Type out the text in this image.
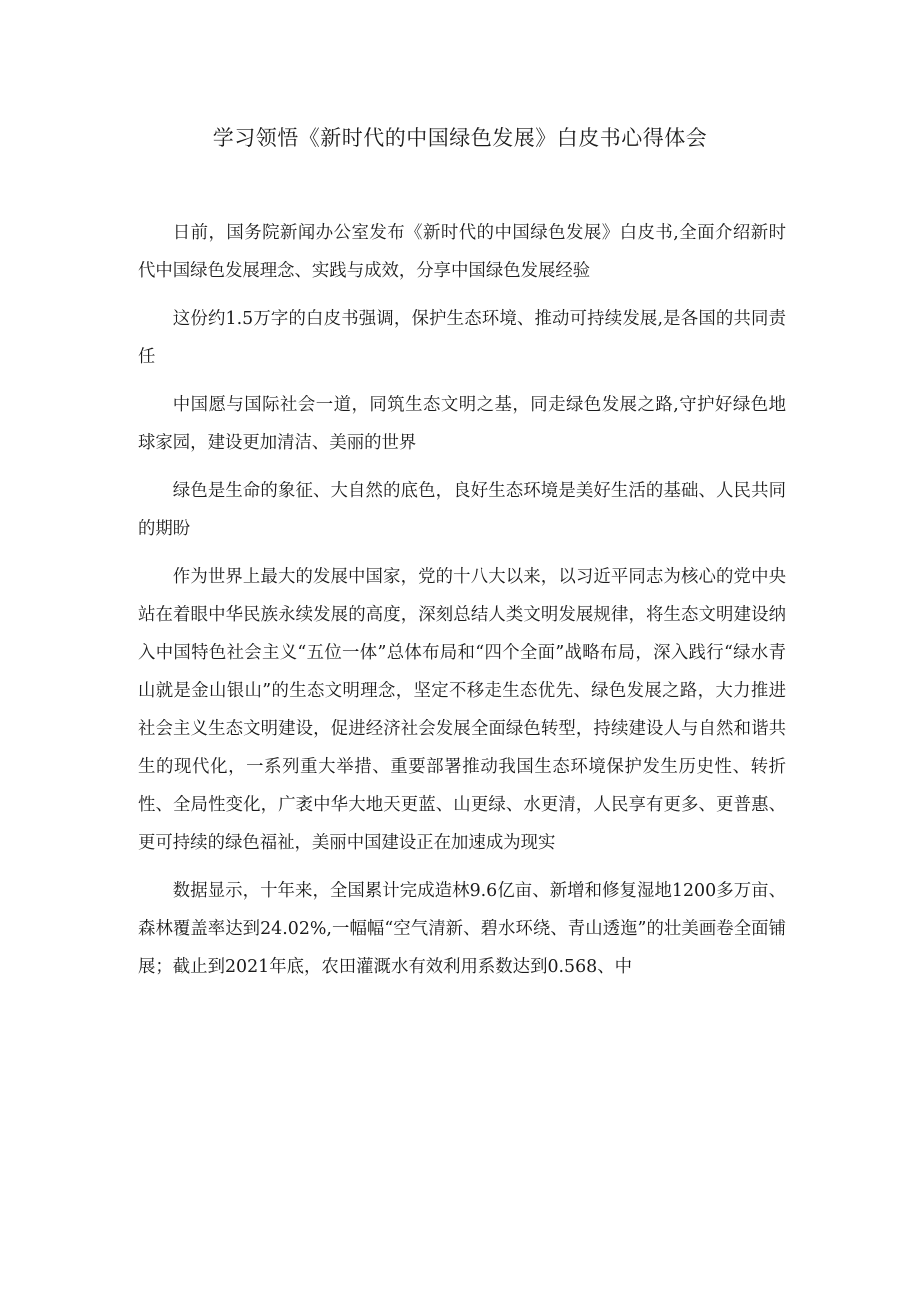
学习领悟《新时代的中国绿色发展》白皮书心得体会

日前，国务院新闻办公室发布《新时代的中国绿色发展》白皮书,全面介绍新时代中国绿色发展理念、实践与成效，分享中国绿色发展经验

这份约1.5万字的白皮书强调，保护生态环境、推动可持续发展,是各国的共同责任

中国愿与国际社会一道，同筑生态文明之基，同走绿色发展之路,守护好绿色地球家园，建设更加清洁、美丽的世界

绿色是生命的象征、大自然的底色，良好生态环境是美好生活的基础、人民共同的期盼

作为世界上最大的发展中国家，党的十八大以来，以习近平同志为核心的党中央站在着眼中华民族永续发展的高度，深刻总结人类文明发展规律，将生态文明建设纳入中国特色社会主义“五位一体”总体布局和“四个全面”战略布局，深入践行“绿水青山就是金山银山”的生态文明理念，坚定不移走生态优先、绿色发展之路，大力推进社会主义生态文明建设，促进经济社会发展全面绿色转型，持续建设人与自然和谐共生的现代化，一系列重大举措、重要部署推动我国生态环境保护发生历史性、转折性、全局性变化，广袤中华大地天更蓝、山更绿、水更清，人民享有更多、更普惠、更可持续的绿色福祉，美丽中国建设正在加速成为现实

数据显示，十年来，全国累计完成造林9.6亿亩、新增和修复湿地1200多万亩、森林覆盖率达到24.02%,一幅幅“空气清新、碧水环绕、青山透迤”的壮美画卷全面铺展；截止到2021年底，农田灌溉水有效利用系数达到0.568、中
